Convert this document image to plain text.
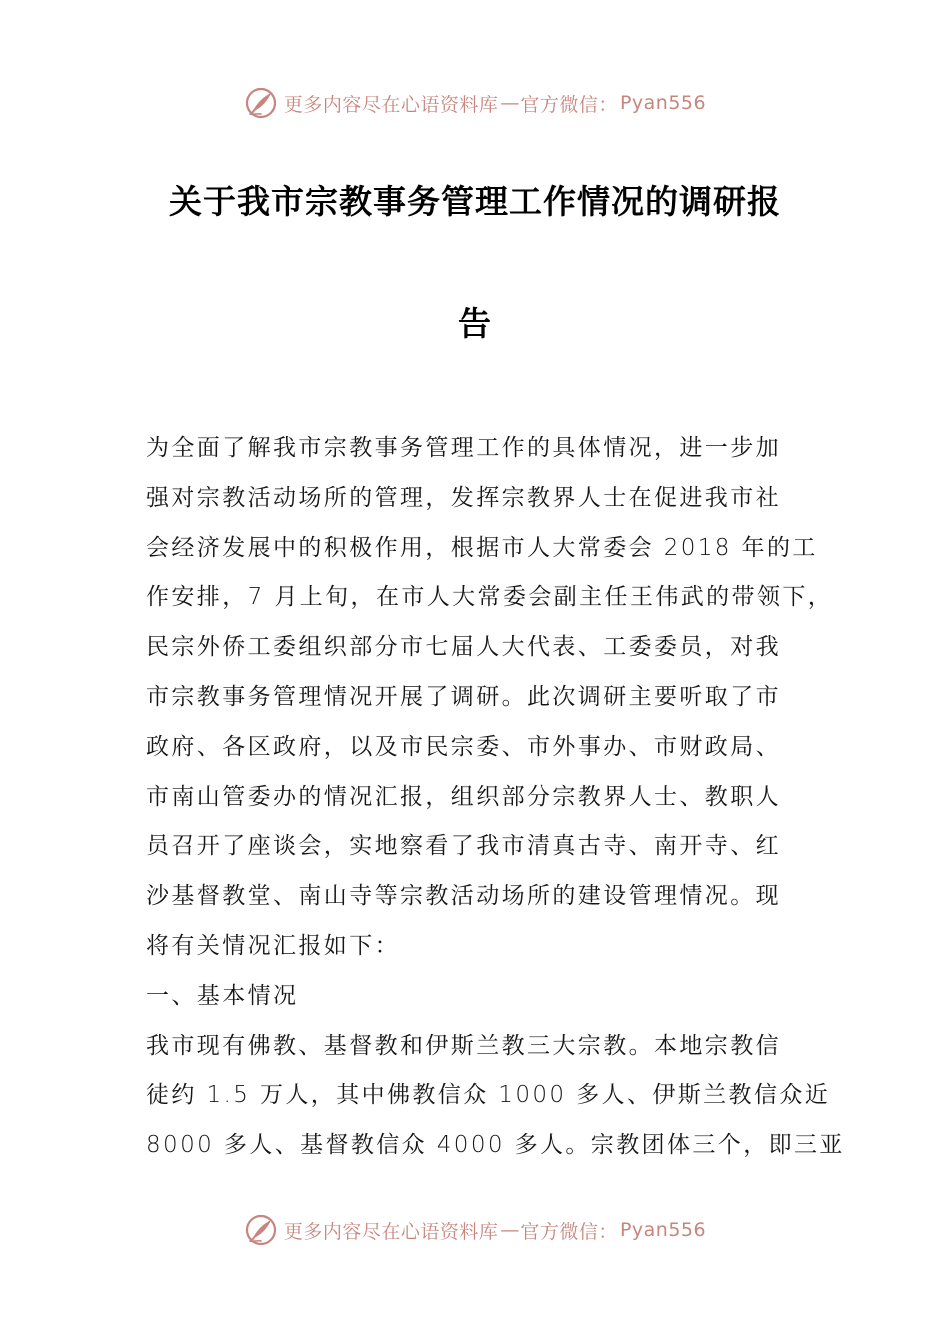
更多内容尽在心语资料库 — 官方微信： Pyan556
关于我市宗教事务管理工作情况的调研报
告

为全面了解我市宗教事务管理工作的具体情况，进一步加

强对宗教活动场所的管理，发挥宗教界人士在促进我市社

会经济发展中的积极作用，根据市人大常委会 2018 年的工

作安排，7 月上旬，在市人大常委会副主任王伟武的带领下，

民宗外侨工委组织部分市七届人大代表、工委委员，对我

市宗教事务管理情况开展了调研。此次调研主要听取了市

政府、各区政府，以及市民宗委、市外事办、市财政局、

市南山管委办的情况汇报，组织部分宗教界人士、教职人

员召开了座谈会，实地察看了我市清真古寺、南开寺、红

沙基督教堂、南山寺等宗教活动场所的建设管理情况。现

将有关情况汇报如下：

一、基本情况

我市现有佛教、基督教和伊斯兰教三大宗教。本地宗教信

徒约 1.5 万人，其中佛教信众 1000 多人、伊斯兰教信众近

8000 多人、基督教信众 4000 多人。宗教团体三个，即三亚

更多内容尽在心语资料库 — 官方微信： Pyan556
